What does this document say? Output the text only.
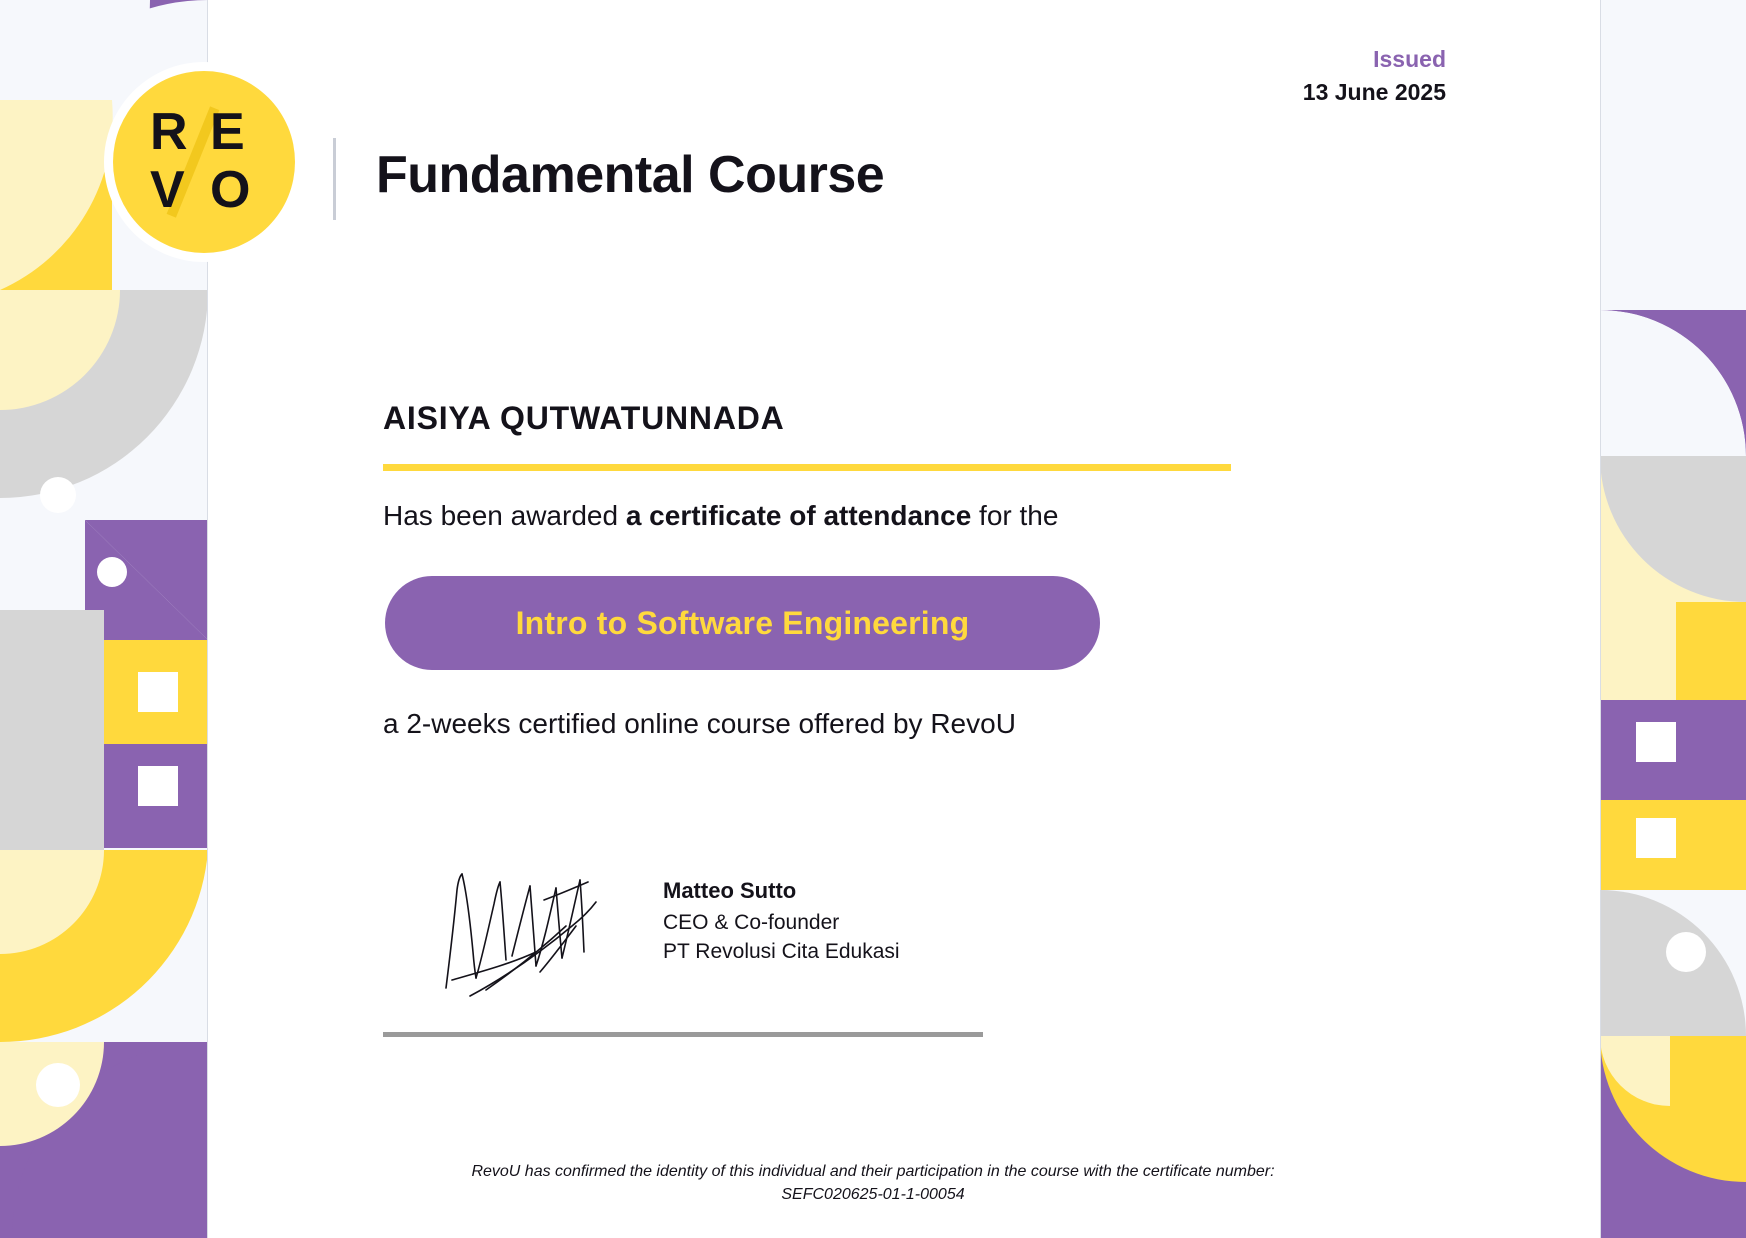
R E
V O Fundamental Course
Issued
13 June 2025
AISIYA QUTWATUNNADA
Has been awarded a certificate of attendance for the
Intro to Software Engineering
a 2-weeks certified online course offered by RevoU
Matteo Sutto
CEO & Co-founder
PT Revolusi Cita Edukasi
RevoU has confirmed the identity of this individual and their participation in the course with the certificate number:
SEFC020625-01-1-00054
